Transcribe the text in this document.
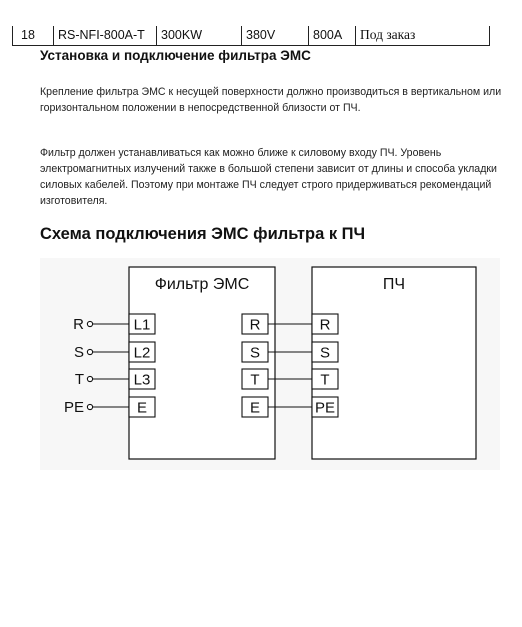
18	RS-NFI-800A-T	300KW	380V	800A	Под заказ
Установка и подключение фильтра ЭМС

Крепление фильтра ЭМС к несущей поверхности должно производиться в вертикальном или горизонтальном положении в непосредственной близости от ПЧ.

Фильтр должен устанавливаться как можно ближе к силовому входу ПЧ. Уровень электромагнитных излучений также в большой степени зависит от длины и способа укладки силовых кабелей. Поэтому при монтаже ПЧ следует строго придерживаться рекомендаций изготовителя.

Схема подключения ЭМС фильтра к ПЧ
Фильтр ЭМС	ПЧ
R	L1	R	R
S	L2	S	S
T	L3	T	T
PE	E	E	PE
